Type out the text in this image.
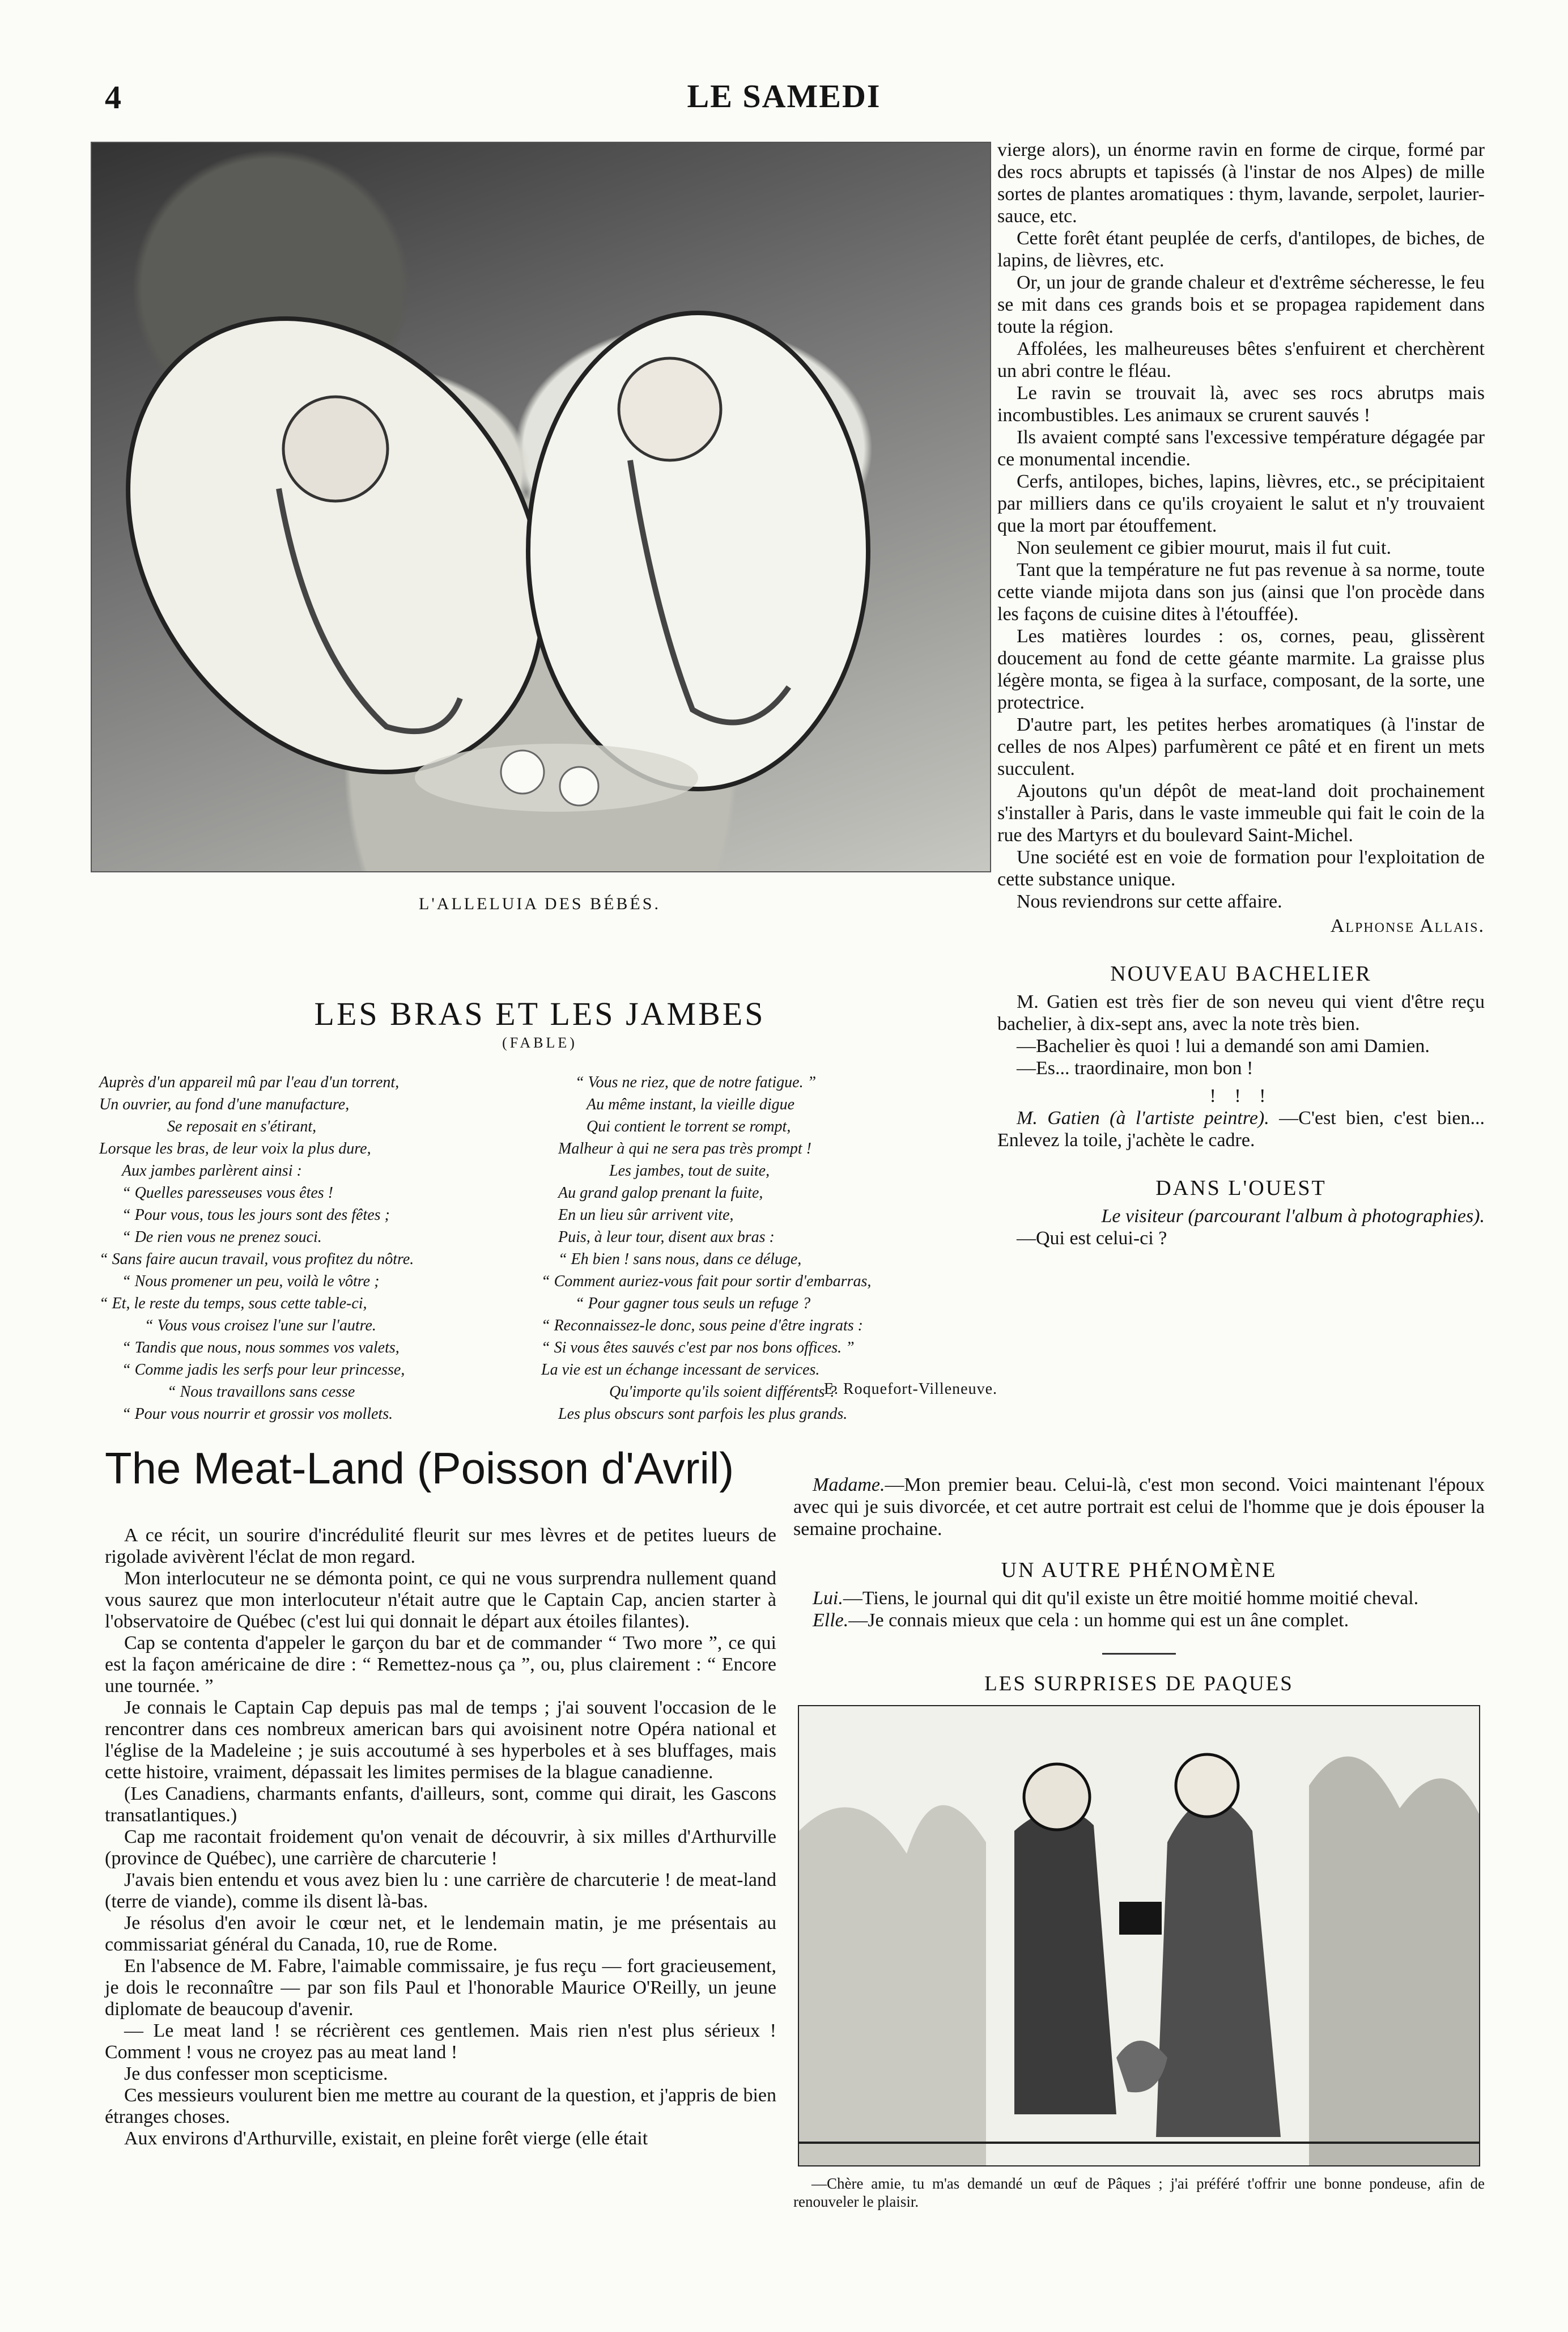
4	LE SAMEDI
L'ALLELUIA DES BÉBÉS.
LES BRAS ET LES JAMBES
(FABLE)
Auprès d'un appareil mû par l'eau d'un torrent,
Un ouvrier, au fond d'une manufacture,
Se reposait en s'étirant,
Lorsque les bras, de leur voix la plus dure,
Aux jambes parlèrent ainsi :
“ Quelles paresseuses vous êtes !
“ Pour vous, tous les jours sont des fêtes ;
“ De rien vous ne prenez souci.
“ Sans faire aucun travail, vous profitez du nôtre.
“ Nous promener un peu, voilà le vôtre ;
“ Et, le reste du temps, sous cette table-ci,
“ Vous vous croisez l'une sur l'autre.
“ Tandis que nous, nous sommes vos valets,
“ Comme jadis les serfs pour leur princesse,
“ Nous travaillons sans cesse
“ Pour vous nourrir et grossir vos mollets.
“ Vous ne riez, que de notre fatigue. ”
Au même instant, la vieille digue
Qui contient le torrent se rompt,
Malheur à qui ne sera pas très prompt !
Les jambes, tout de suite,
Au grand galop prenant la fuite,
En un lieu sûr arrivent vite,
Puis, à leur tour, disent aux bras :
“ Eh bien ! sans nous, dans ce déluge,
“ Comment auriez-vous fait pour sortir d'embarras,
“ Pour gagner tous seuls un refuge ?
“ Reconnaissez-le donc, sous peine d'être ingrats :
“ Si vous êtes sauvés c'est par nos bons offices. ”
La vie est un échange incessant de services.
Qu'importe qu'ils soient différents ?
Les plus obscurs sont parfois les plus grands.
E. Roquefort-Villeneuve.

vierge alors), un énorme ravin en forme de cirque, formé par des rocs abrupts et tapissés (à l'instar de nos Alpes) de mille sortes de plantes aromatiques : thym, lavande, serpolet, laurier-sauce, etc.

Cette forêt étant peuplée de cerfs, d'antilopes, de biches, de lapins, de lièvres, etc.

Or, un jour de grande chaleur et d'extrême sécheresse, le feu se mit dans ces grands bois et se propagea rapidement dans toute la région.

Affolées, les malheureuses bêtes s'enfuirent et cherchèrent un abri contre le fléau.

Le ravin se trouvait là, avec ses rocs abrutps mais incombustibles. Les animaux se crurent sauvés !

Ils avaient compté sans l'excessive température dégagée par ce monumental incendie.

Cerfs, antilopes, biches, lapins, lièvres, etc., se précipitaient par milliers dans ce qu'ils croyaient le salut et n'y trouvaient que la mort par étouffement.

Non seulement ce gibier mourut, mais il fut cuit.

Tant que la température ne fut pas revenue à sa norme, toute cette viande mijota dans son jus (ainsi que l'on procède dans les façons de cuisine dites à l'étouffée).

Les matières lourdes : os, cornes, peau, glissèrent doucement au fond de cette géante marmite. La graisse plus légère monta, se figea à la surface, composant, de la sorte, une protectrice.

D'autre part, les petites herbes aromatiques (à l'instar de celles de nos Alpes) parfumèrent ce pâté et en firent un mets succulent.

Ajoutons qu'un dépôt de meat-land doit prochainement s'installer à Paris, dans le vaste immeuble qui fait le coin de la rue des Martyrs et du boulevard Saint-Michel.

Une société est en voie de formation pour l'exploitation de cette substance unique.

Nous reviendrons sur cette affaire.

Alphonse Allais.
NOUVEAU BACHELIER

M. Gatien est très fier de son neveu qui vient d'être reçu bachelier, à dix-sept ans, avec la note très bien.

—Bachelier ès quoi ! lui a demandé son ami Damien.

—Es... traordinaire, mon bon !

! ! !

M. Gatien (à l'artiste peintre). —C'est bien, c'est bien... Enlevez la toile, j'achète le cadre.

DANS L'OUEST
Le visiteur (parcourant l'album à photographies).

—Qui est celui-ci ?

Madame.—Mon premier beau. Celui-là, c'est mon second. Voici maintenant l'époux avec qui je suis divorcée, et cet autre portrait est celui de l'homme que je dois épouser la semaine prochaine.

UN AUTRE PHÉNOMÈNE

Lui.—Tiens, le journal qui dit qu'il existe un être moitié homme moitié cheval.

Elle.—Je connais mieux que cela : un homme qui est un âne complet.

LES SURPRISES DE PAQUES
—Chère amie, tu m'as demandé un œuf de Pâques ; j'ai préféré t'offrir une bonne pondeuse, afin de renouveler le plaisir.
The Meat-Land (Poisson d'Avril)

A ce récit, un sourire d'incrédulité fleurit sur mes lèvres et de petites lueurs de rigolade avivèrent l'éclat de mon regard.

Mon interlocuteur ne se démonta point, ce qui ne vous surprendra nullement quand vous saurez que mon interlocuteur n'était autre que le Captain Cap, ancien starter à l'observatoire de Québec (c'est lui qui donnait le départ aux étoiles filantes).

Cap se contenta d'appeler le garçon du bar et de commander “ Two more ”, ce qui est la façon américaine de dire : “ Remettez-nous ça ”, ou, plus clairement : “ Encore une tournée. ”

Je connais le Captain Cap depuis pas mal de temps ; j'ai souvent l'occasion de le rencontrer dans ces nombreux american bars qui avoisinent notre Opéra national et l'église de la Madeleine ; je suis accoutumé à ses hyperboles et à ses bluffages, mais cette histoire, vraiment, dépassait les limites permises de la blague canadienne.

(Les Canadiens, charmants enfants, d'ailleurs, sont, comme qui dirait, les Gascons transatlantiques.)

Cap me racontait froidement qu'on venait de découvrir, à six milles d'Arthurville (province de Québec), une carrière de charcuterie !

J'avais bien entendu et vous avez bien lu : une carrière de charcuterie ! de meat-land (terre de viande), comme ils disent là-bas.

Je résolus d'en avoir le cœur net, et le lendemain matin, je me présentais au commissariat général du Canada, 10, rue de Rome.

En l'absence de M. Fabre, l'aimable commissaire, je fus reçu — fort gracieusement, je dois le reconnaître — par son fils Paul et l'honorable Maurice O'Reilly, un jeune diplomate de beaucoup d'avenir.

— Le meat land ! se récrièrent ces gentlemen. Mais rien n'est plus sérieux ! Comment ! vous ne croyez pas au meat land !

Je dus confesser mon scepticisme.

Ces messieurs voulurent bien me mettre au courant de la question, et j'appris de bien étranges choses.

Aux environs d'Arthurville, existait, en pleine forêt vierge (elle était
